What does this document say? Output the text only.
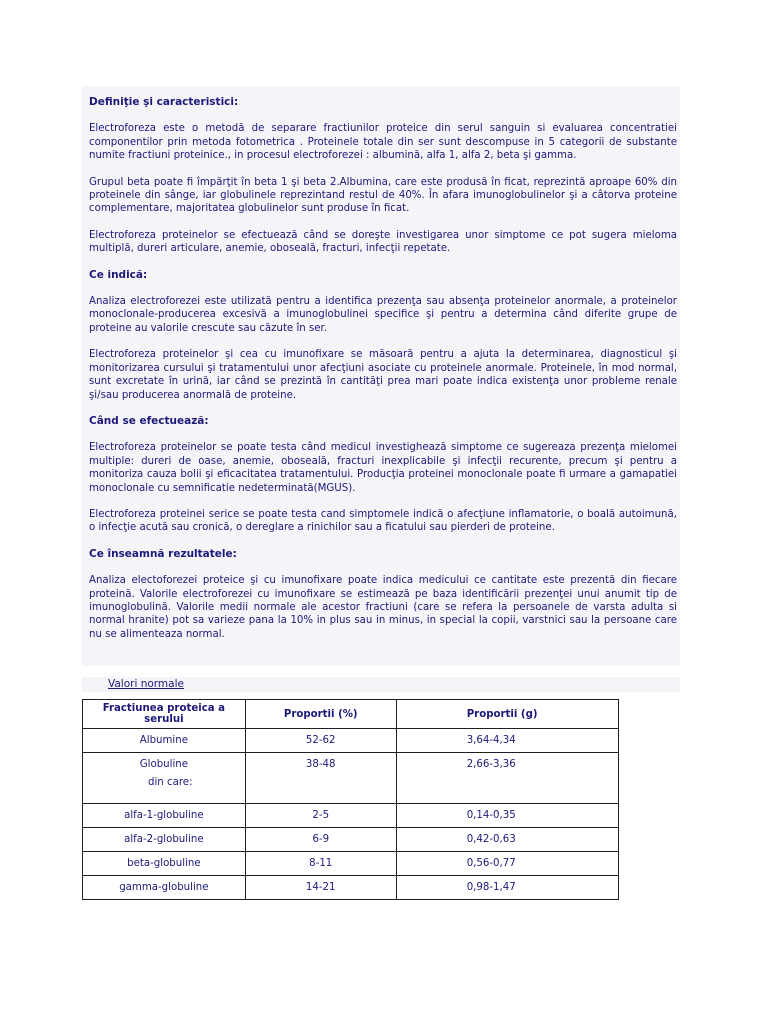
Definiţie şi caracteristici:

Electroforeza este o metodă de separare fractiunilor proteice din serul sanguin si evaluarea concentratiei componentilor prin metoda fotometrica . Proteinele totale din ser sunt descompuse in 5 categorii de substante numite fractiuni proteinice., in procesul electroforezei : albumină, alfa 1, alfa 2, beta şi gamma.

Grupul beta poate fi împărţit în beta 1 şi beta 2.Albumina, care este produsă în ficat, reprezintă aproape 60% din proteinele din sânge, iar globulinele reprezintand restul de 40%. În afara imunoglobulinelor şi a câtorva proteine complementare, majoritatea globulinelor sunt produse în ficat.

Electroforeza proteinelor se efectuează când se doreşte investigarea unor simptome ce pot sugera mieloma multiplă, dureri articulare, anemie, oboseală, fracturi, infecţii repetate.

Ce indică:

Analiza electroforezei este utilizată pentru a identifica prezenţa sau absenţa proteinelor anormale, a proteinelor monoclonale-producerea excesivă a imunoglobulinei specifice şi pentru a determina când diferite grupe de proteine au valorile crescute sau căzute în ser.

Electroforeza proteinelor şi cea cu imunofixare se măsoară pentru a ajuta la determinarea, diagnosticul şi monitorizarea cursului şi tratamentului unor afecţiuni asociate cu proteinele anormale. Proteinele, în mod normal, sunt excretate în urină, iar când se prezintă în cantităţi prea mari poate indica existenţa unor probleme renale şi/sau producerea anormală de proteine.

Când se efectuează:

Electroforeza proteinelor se poate testa când medicul investighează simptome ce sugereaza prezenţa mielomei multiple: dureri de oase, anemie, oboseală, fracturi inexplicabile şi infecţii recurente, precum şi pentru a monitoriza cauza bolii şi eficacitatea tratamentului. Producţia proteinei monoclonale poate fi urmare a gamapatiei monoclonale cu semnificatie nedeterminată(MGUS).

Electroforeza proteinei serice se poate testa cand simptomele indică o afecţiune inflamatorie, o boală autoimună, o infecţie acută sau cronică, o dereglare a rinichilor sau a ficatului sau pierderi de proteine.

Ce înseamnă rezultatele:

Analiza electoforezei proteice şi cu imunofixare poate indica medicului ce cantitate este prezentă din fiecare proteină. Valorile electroforezei cu imunofixare se estimează pe baza identificării prezenţei unui anumit tip de imunoglobulină. Valorile medii normale ale acestor fractiuni (care se refera la persoanele de varsta adulta si normal hranite) pot sa varieze pana la 10% in plus sau in minus, in special la copii, varstnici sau la persoane care nu se alimenteaza normal.

Valori normale
Fractiunea proteica a serului	Proportii (%)	Proportii (g)
Albumine	52-62	3,64-4,34

Globuline
din care:	38-48	2,66-3,36

alfa-1-globuline	2-5	0,14-0,35
alfa-2-globuline	6-9	0,42-0,63
beta-globuline	8-11	0,56-0,77
gamma-globuline	14-21	0,98-1,47
